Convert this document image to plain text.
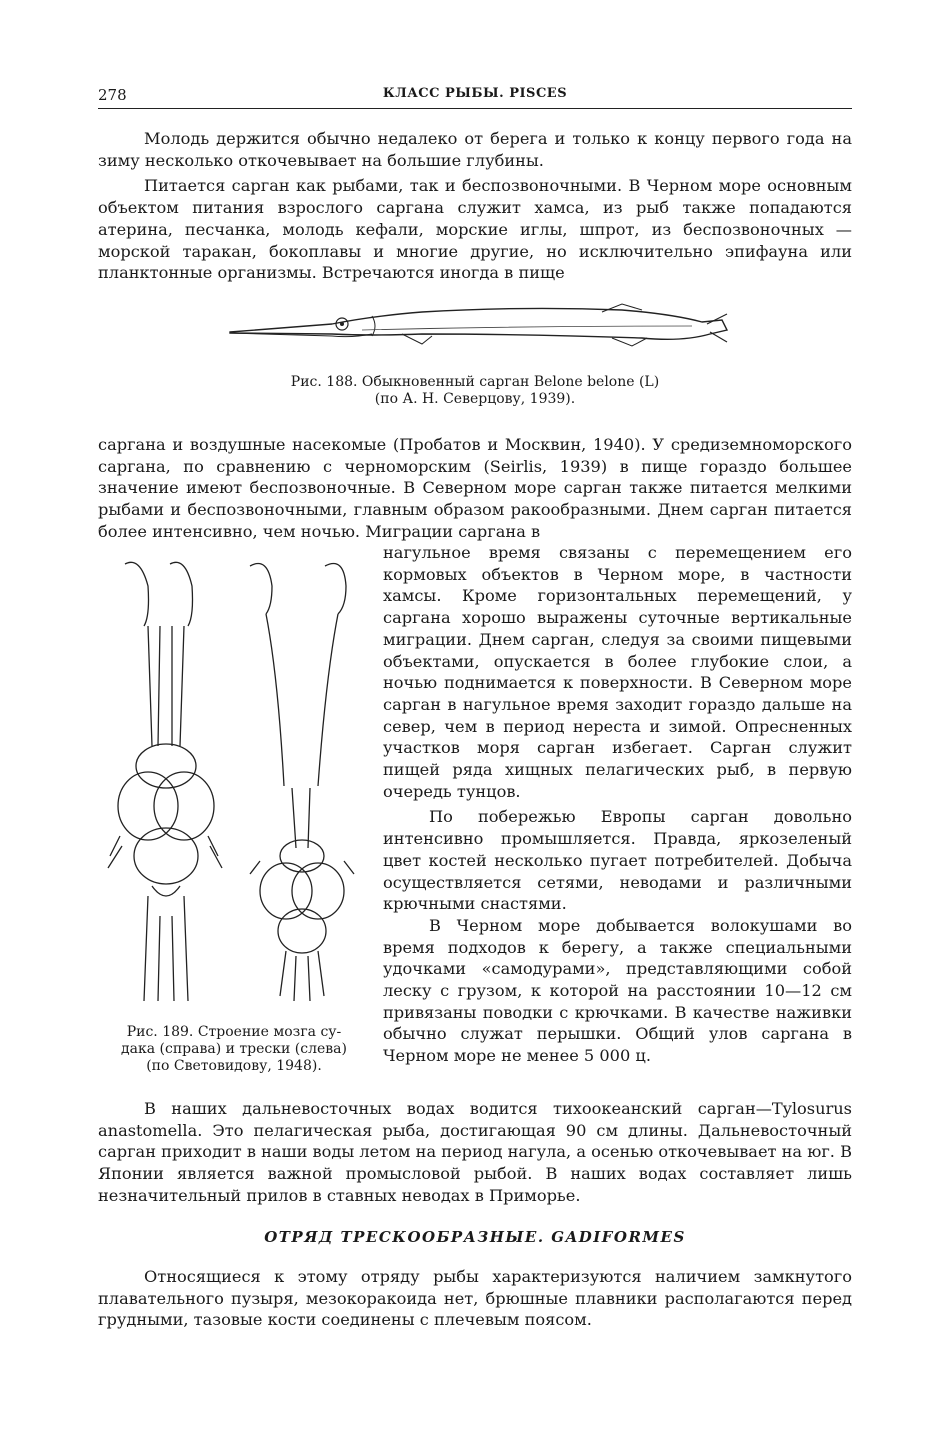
278	КЛАСС РЫБЫ. PISCES

Молодь держится обычно недалеко от берега и только к концу первого года на зиму несколько откочевывает на большие глубины.

Питается сарган как рыбами, так и беспозвоночными. В Черном море основным объектом питания взрослого саргана служит хамса, из рыб также попадаются атерина, песчанка, молодь кефали, морские иглы, шпрот, из беспозвоночных — морской таракан, бокоплавы и многие другие, но исключительно эпифауна или планктонные организмы. Встречаются иногда в пище

Рис. 188. Обыкновенный сарган Belone belone (L)
(по А. Н. Северцову, 1939).

саргана и воздушные насекомые (Пробатов и Москвин, 1940). У средиземноморского саргана, по сравнению с черноморским (Seirlis, 1939) в пище гораздо большее значение имеют беспозвоночные. В Северном море сарган также питается мелкими рыбами и беспозвоночными, главным образом ракообразными. Днем сарган питается более интенсивно, чем ночью. Миграции саргана в

Рис. 189. Строение мозга су-
дака (справа) и трески (слева)
(по Световидову, 1948).

нагульное время связаны с перемещением его кормовых объектов в Черном море, в частности хамсы. Кроме горизонтальных перемещений, у саргана хорошо выражены суточные вертикальные миграции. Днем сарган, следуя за своими пищевыми объектами, опускается в более глубокие слои, а ночью поднимается к поверхности. В Северном море сарган в нагульное время заходит гораздо дальше на север, чем в период нереста и зимой. Опресненных участков моря сарган избегает. Сарган служит пищей ряда хищных пелагических рыб, в первую очередь тунцов.

По побережью Европы сарган довольно интенсивно промышляется. Правда, яркозеленый цвет костей несколько пугает потребителей. Добыча осуществляется сетями, неводами и различными крючными снастями.

В Черном море добывается волокушами во время подходов к берегу, а также специальными удочками «самодурами», представляющими собой леску с грузом, к которой на расстоянии 10—12 см привязаны поводки с крючками. В качестве наживки обычно служат перышки. Общий улов саргана в Черном море не менее 5 000 ц.

В наших дальневосточных водах водится тихоокеанский сарган—Tylosurus anastomella. Это пелагическая рыба, достигающая 90 см длины. Дальневосточный сарган приходит в наши воды летом на период нагула, а осенью откочевывает на юг. В Японии является важной промысловой рыбой. В наших водах составляет лишь незначительный прилов в ставных неводах в Приморье.

ОТРЯД ТРЕСКООБРАЗНЫЕ. GADIFORMES

Относящиеся к этому отряду рыбы характеризуются наличием замкнутого плавательного пузыря, мезокоракоида нет, брюшные плавники располагаются перед грудными, тазовые кости соединены с плечевым поясом.
